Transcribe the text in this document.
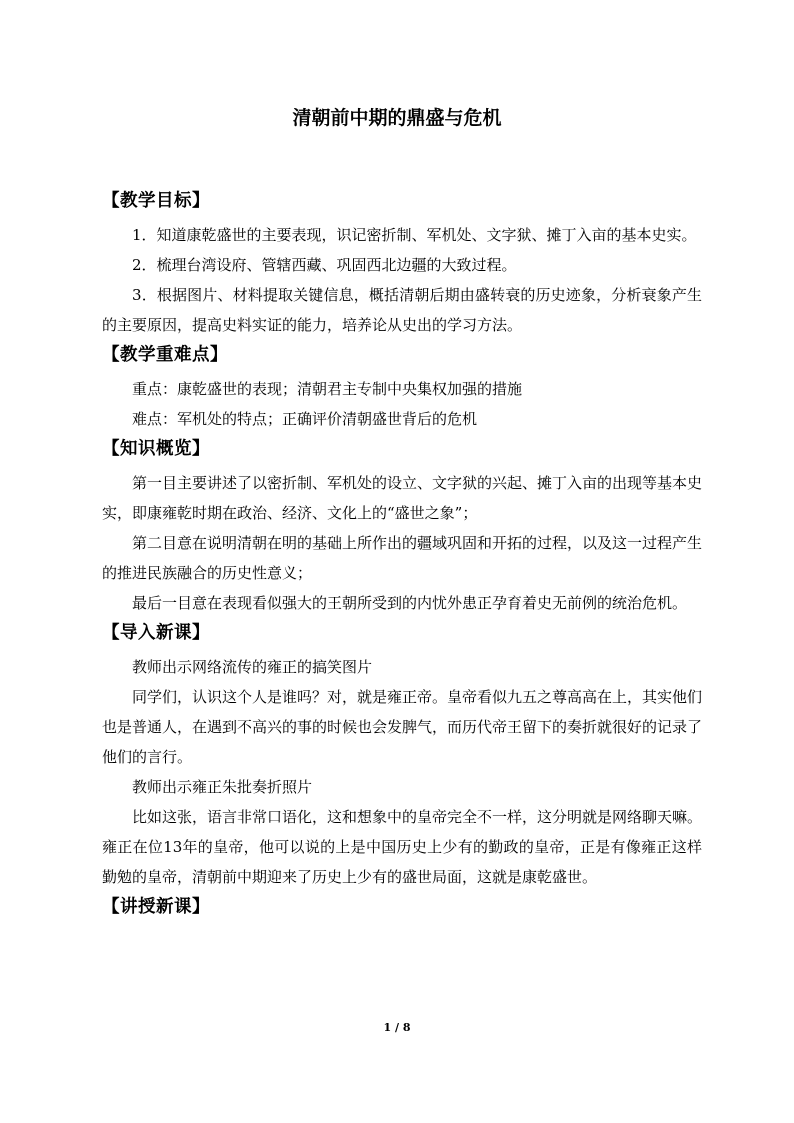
清朝前中期的鼎盛与危机
【教学目标】

1．知道康乾盛世的主要表现，识记密折制、军机处、文字狱、摊丁入亩的基本史实。

2．梳理台湾设府、管辖西藏、巩固西北边疆的大致过程。

3．根据图片、材料提取关键信息，概括清朝后期由盛转衰的历史迹象，分析衰象产生的主要原因，提高史料实证的能力，培养论从史出的学习方法。

【教学重难点】

重点：康乾盛世的表现；清朝君主专制中央集权加强的措施

难点：军机处的特点；正确评价清朝盛世背后的危机

【知识概览】

第一目主要讲述了以密折制、军机处的设立、文字狱的兴起、摊丁入亩的出现等基本史实，即康雍乾时期在政治、经济、文化上的“盛世之象”；

第二目意在说明清朝在明的基础上所作出的疆域巩固和开拓的过程，以及这一过程产生的推进民族融合的历史性意义；

最后一目意在表现看似强大的王朝所受到的内忧外患正孕育着史无前例的统治危机。

【导入新课】

教师出示网络流传的雍正的搞笑图片

同学们，认识这个人是谁吗？对，就是雍正帝。皇帝看似九五之尊高高在上，其实他们也是普通人，在遇到不高兴的事的时候也会发脾气，而历代帝王留下的奏折就很好的记录了他们的言行。

教师出示雍正朱批奏折照片

比如这张，语言非常口语化，这和想象中的皇帝完全不一样，这分明就是网络聊天嘛。雍正在位13年的皇帝，他可以说的上是中国历史上少有的勤政的皇帝，正是有像雍正这样勤勉的皇帝，清朝前中期迎来了历史上少有的盛世局面，这就是康乾盛世。

【讲授新课】
1 / 8
